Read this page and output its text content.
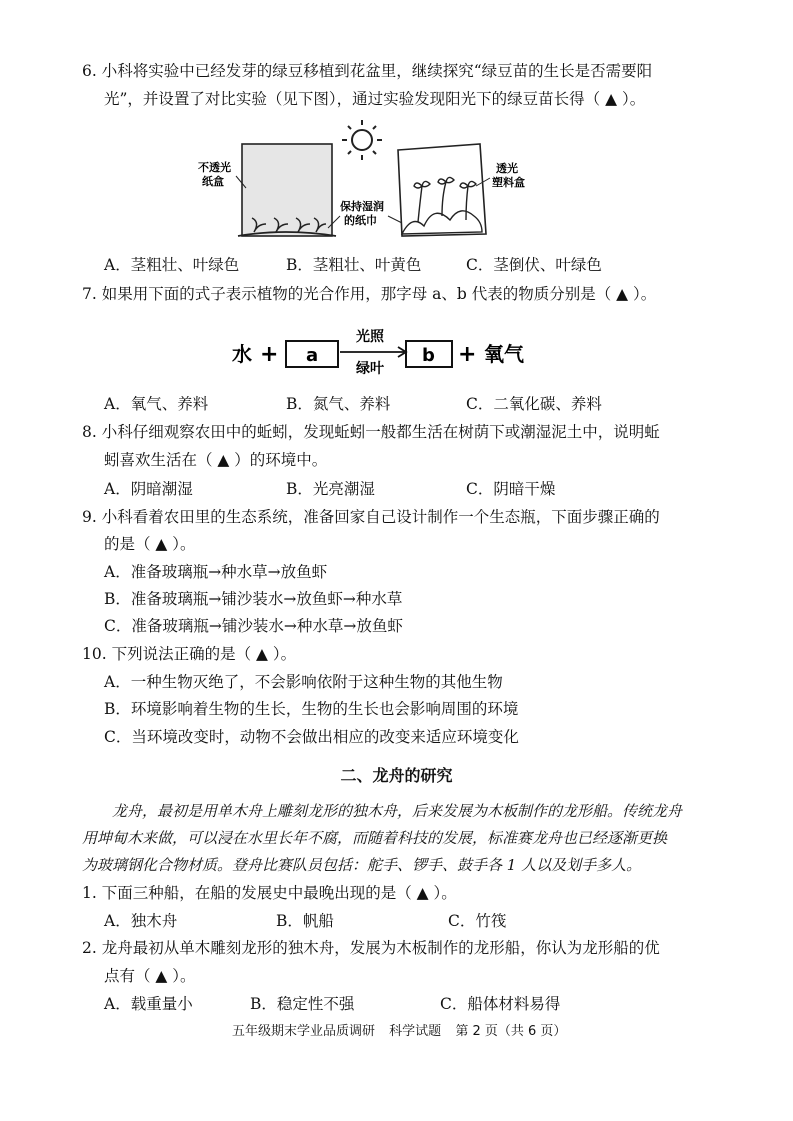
6. 小科将实验中已经发芽的绿豆移植到花盆里，继续探究“绿豆苗的生长是否需要阳
光”，并设置了对比实验（见下图），通过实验发现阳光下的绿豆苗长得（ ▲ ）。
不透光
纸盒
保持湿润
的纸巾
透光
塑料盒
A．茎粗壮、叶绿色	B．茎粗壮、叶黄色	C．茎倒伏、叶绿色
7. 如果用下面的式子表示植物的光合作用，那字母 a、b 代表的物质分别是（ ▲ ）。
水 + a
光照
绿叶
b + 氧气
A．氧气、养料	B．氮气、养料	C．二氧化碳、养料
8. 小科仔细观察农田中的蚯蚓，发现蚯蚓一般都生活在树荫下或潮湿泥土中，说明蚯
蚓喜欢生活在（ ▲ ）的环境中。
A．阴暗潮湿	B．光亮潮湿	C．阴暗干燥
9. 小科看着农田里的生态系统，准备回家自己设计制作一个生态瓶，下面步骤正确的
的是（ ▲ ）。
A．准备玻璃瓶→种水草→放鱼虾
B．准备玻璃瓶→铺沙装水→放鱼虾→种水草
C．准备玻璃瓶→铺沙装水→种水草→放鱼虾
10. 下列说法正确的是（ ▲ ）。
A．一种生物灭绝了，不会影响依附于这种生物的其他生物
B．环境影响着生物的生长，生物的生长也会影响周围的环境
C．当环境改变时，动物不会做出相应的改变来适应环境变化
二、龙舟的研究
龙舟，最初是用单木舟上雕刻龙形的独木舟，后来发展为木板制作的龙形船。传统龙舟
用坤甸木来做，可以浸在水里长年不腐，而随着科技的发展，标准赛龙舟也已经逐渐更换
为玻璃钢化合物材质。登舟比赛队员包括：舵手、锣手、鼓手各 1 人以及划手多人。
1. 下面三种船，在船的发展史中最晚出现的是（ ▲ ）。
A．独木舟	B．帆船	C．竹筏
2. 龙舟最初从单木雕刻龙形的独木舟，发展为木板制作的龙形船，你认为龙形船的优
点有（ ▲ ）。
A．载重量小	B．稳定性不强	C．船体材料易得
五年级期末学业品质调研 科学试题 第 2 页（共 6 页）
